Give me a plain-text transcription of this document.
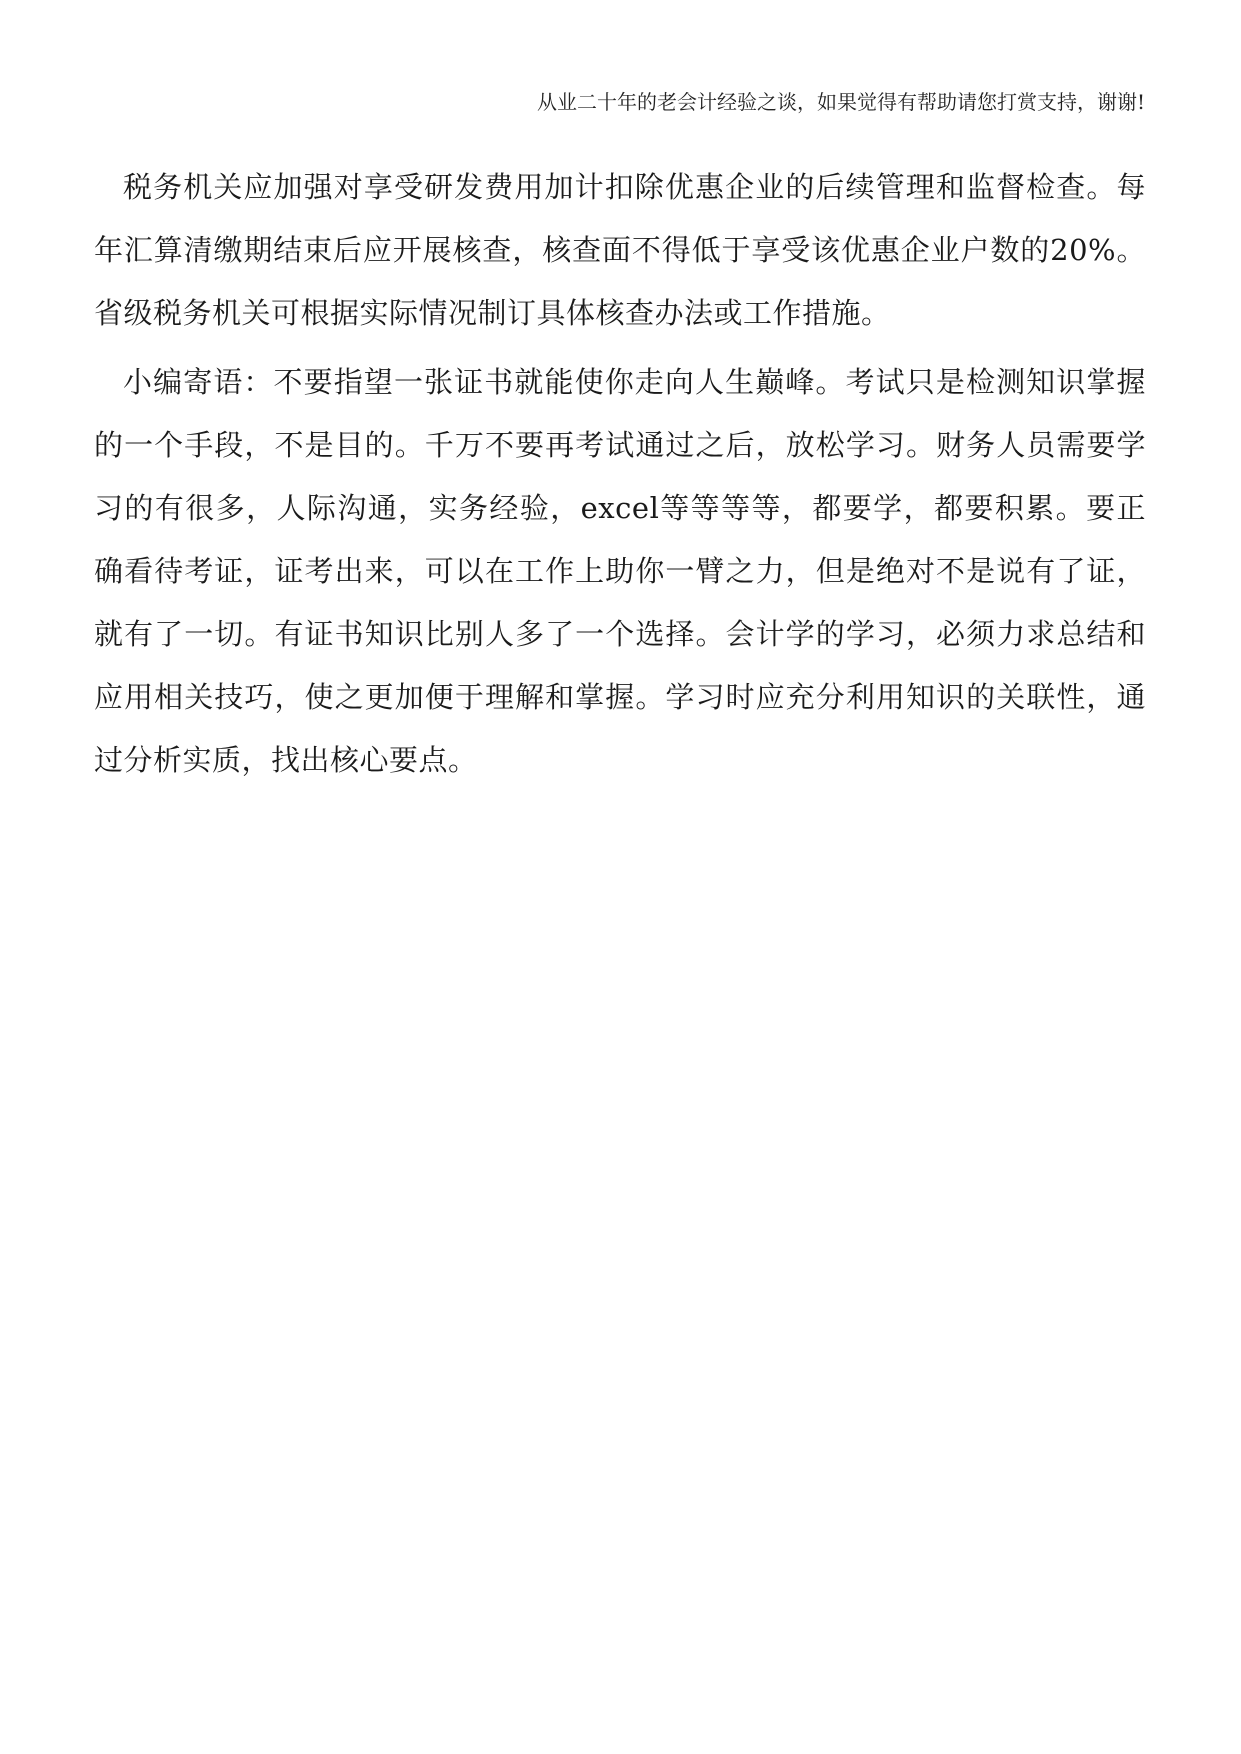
从业二十年的老会计经验之谈，如果觉得有帮助请您打赏支持，谢谢!

税务机关应加强对享受研发费用加计扣除优惠企业的后续管理和监督检查。每年汇算清缴期结束后应开展核查，核查面不得低于享受该优惠企业户数的20%。省级税务机关可根据实际情况制订具体核查办法或工作措施。

小编寄语：不要指望一张证书就能使你走向人生巅峰。考试只是检测知识掌握的一个手段，不是目的。千万不要再考试通过之后，放松学习。财务人员需要学习的有很多，人际沟通，实务经验，excel等等等等，都要学，都要积累。要正确看待考证，证考出来，可以在工作上助你一臂之力，但是绝对不是说有了证，就有了一切。有证书知识比别人多了一个选择。会计学的学习，必须力求总结和应用相关技巧，使之更加便于理解和掌握。学习时应充分利用知识的关联性，通过分析实质，找出核心要点。
